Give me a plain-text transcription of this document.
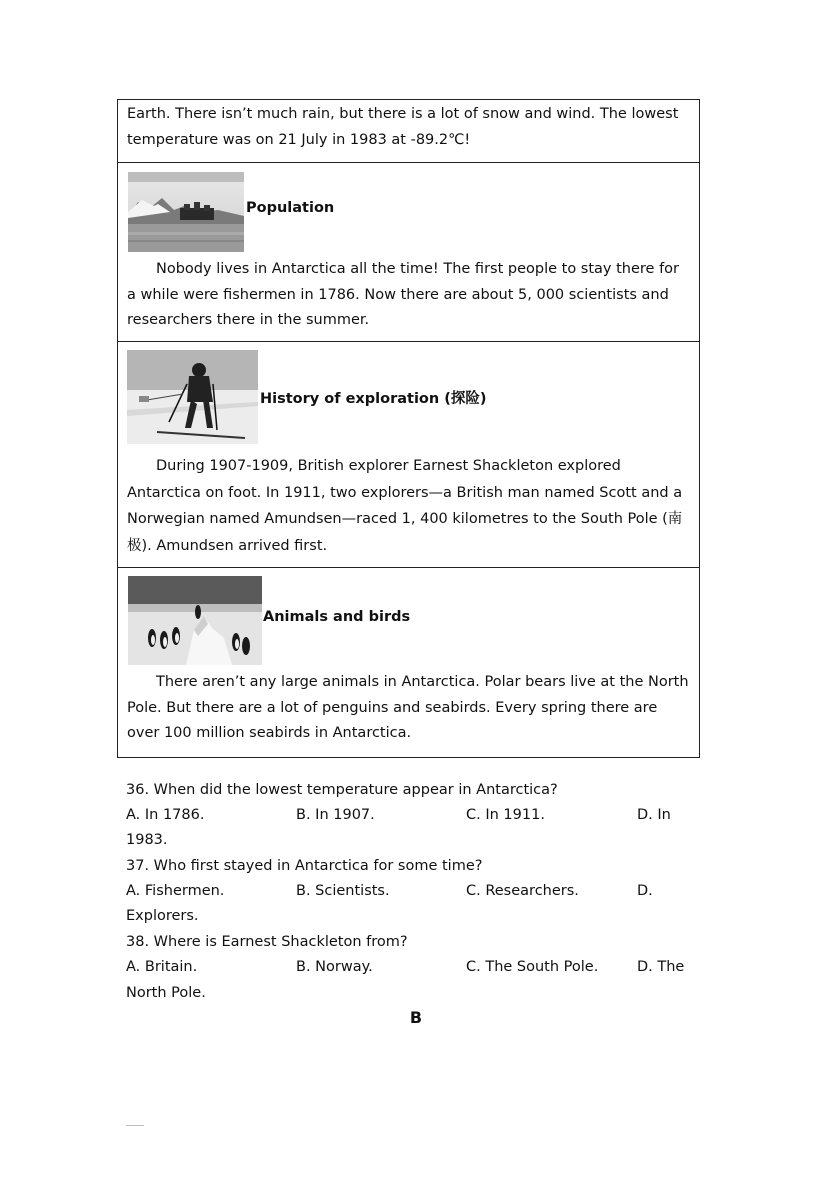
Earth. There isn’t much rain, but there is a lot of snow and wind. The lowest temperature was on 21 July in 1983 at -89.2℃!
Population
Nobody lives in Antarctica all the time! The first people to stay there for a while were fishermen in 1786. Now there are about 5, 000 scientists and researchers there in the summer.
History of exploration (探险)
During 1907-1909, British explorer Earnest Shackleton explored Antarctica on foot. In 1911, two explorers—a British man named Scott and a Norwegian named Amundsen—raced 1, 400 kilometres to the South Pole (南极). Amundsen arrived first.
Animals and birds
There aren’t any large animals in Antarctica. Polar bears live at the North Pole. But there are a lot of penguins and seabirds. Every spring there are over 100 million seabirds in Antarctica.
36. When did the lowest temperature appear in Antarctica?
A. In 1786.	B. In 1907.	C. In 1911.	D. In
1983.
37. Who first stayed in Antarctica for some time?
A. Fishermen.	B. Scientists.	C. Researchers.	D.
Explorers.
38. Where is Earnest Shackleton from?
A. Britain.	B. Norway.	C. The South Pole.	D. The
North Pole.
B
